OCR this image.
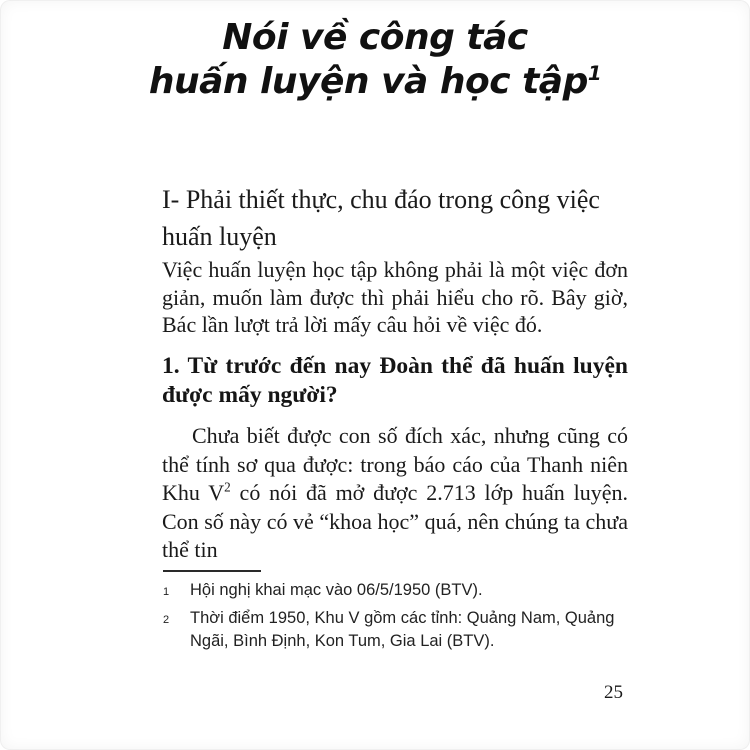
Nói về công tác
huấn luyện và học tập$^1$
I- Phải thiết thực, chu đáo trong công việc huấn luyện

Việc huấn luyện học tập không phải là một việc đơn giản, muốn làm được thì phải hiểu cho rõ. Bây giờ, Bác lần lượt trả lời mấy câu hỏi về việc đó.

1. Từ trước đến nay Đoàn thể đã huấn luyện được mấy người?

Chưa biết được con số đích xác, nhưng cũng có thể tính sơ qua được: trong báo cáo của Thanh niên Khu $V^2$ có nói đã mở được 2.713 lớp huấn luyện. Con số này có vẻ “khoa học” quá, nên chúng ta chưa thể tin

1	Hội nghị khai mạc vào 06/5/1950 (BTV).
2	Thời điểm 1950, Khu V gồm các tỉnh: Quảng Nam, Quảng Ngãi, Bình Định, Kon Tum, Gia Lai (BTV).
25
